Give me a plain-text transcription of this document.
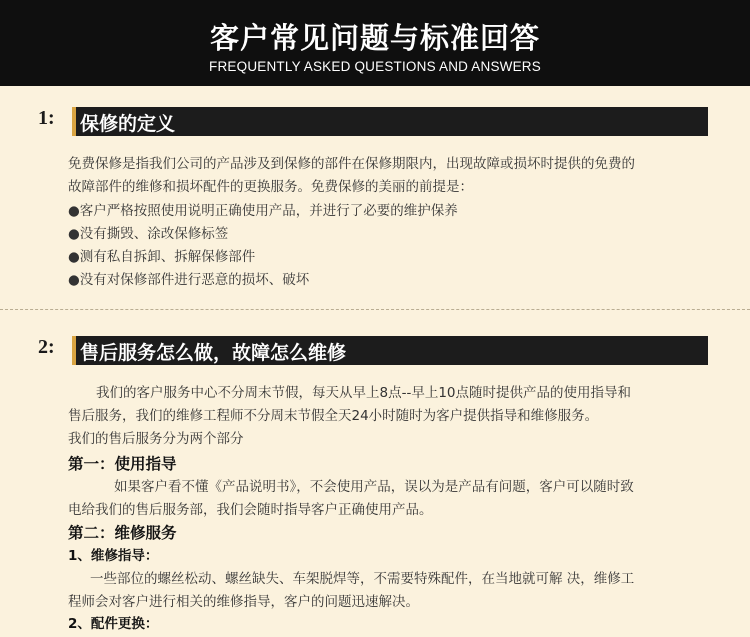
客户常见问题与标准回答
FREQUENTLY ASKED QUESTIONS AND ANSWERS
1: 保修的定义
免费保修是指我们公司的产品涉及到保修的部件在保修期限内，出现故障或损坏时提供的免费的
故障部件的维修和损坏配件的更换服务。免费保修的美丽的前提是：
●客户严格按照使用说明正确使用产品，并进行了必要的维护保养
●没有撕毁、涂改保修标签
●测有私自拆卸、拆解保修部件
●没有对保修部件进行恶意的损坏、破坏
2: 售后服务怎么做，故障怎么维修
我们的客户服务中心不分周末节假，每天从早上8点--早上10点随时提供产品的使用指导和
售后服务，我们的维修工程师不分周末节假全天24小时随时为客户提供指导和维修服务。
我们的售后服务分为两个部分
第一：使用指导
如果客户看不懂《产品说明书》，不会使用产品，误以为是产品有问题，客户可以随时致
电给我们的售后服务部，我们会随时指导客户正确使用产品。
第二：维修服务
1、维修指导：
一些部位的螺丝松动、螺丝缺失、车架脱焊等，不需要特殊配件，在当地就可解 决，维修工
程师会对客户进行相关的维修指导，客户的问题迅速解决。
2、配件更换：
